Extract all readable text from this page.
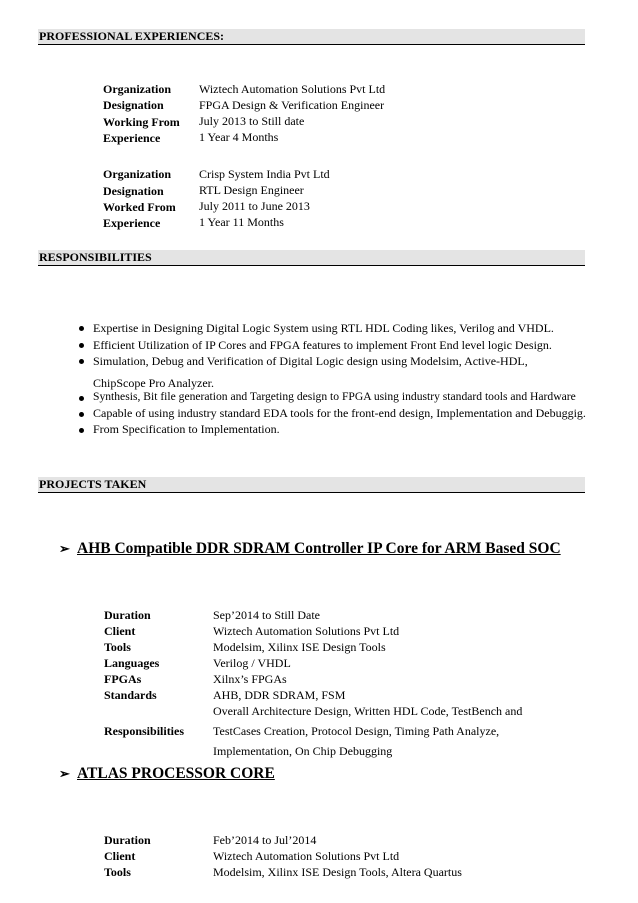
PROFESSIONAL EXPERIENCES:
Organization
Designation
Working From
Experience
Wiztech Automation Solutions Pvt Ltd
FPGA Design & Verification Engineer
July 2013 to Still date
1 Year 4 Months
Organization
Designation
Worked From
Experience
Crisp System India Pvt Ltd
RTL Design Engineer
July 2011 to June 2013
1 Year 11 Months
RESPONSIBILITIES
Expertise in Designing Digital Logic System using RTL HDL Coding likes, Verilog and VHDL.
Efficient Utilization of IP Cores and FPGA features to implement Front End level logic Design.
Simulation, Debug and Verification of Digital Logic design using Modelsim, Active-HDL,
ChipScope Pro Analyzer.
Synthesis, Bit file generation and Targeting design to FPGA using industry standard tools and Hardware
Capable of using industry standard EDA tools for the front-end design, Implementation and Debuggig.
From Specification to Implementation.
PROJECTS TAKEN
➢ AHB Compatible DDR SDRAM Controller IP Core for ARM Based SOC
Duration
Client
Tools
Languages
FPGAs
Standards
Responsibilities
Sep’2014 to Still Date
Wiztech Automation Solutions Pvt Ltd
Modelsim, Xilinx ISE Design Tools
Verilog / VHDL
Xilnx’s FPGAs
AHB, DDR SDRAM, FSM
Overall Architecture Design, Written HDL Code, TestBench and
TestCases Creation, Protocol Design, Timing Path Analyze,
Implementation, On Chip Debugging
➢ ATLAS PROCESSOR CORE
Duration
Client
Tools
Feb’2014 to Jul’2014
Wiztech Automation Solutions Pvt Ltd
Modelsim, Xilinx ISE Design Tools, Altera Quartus
